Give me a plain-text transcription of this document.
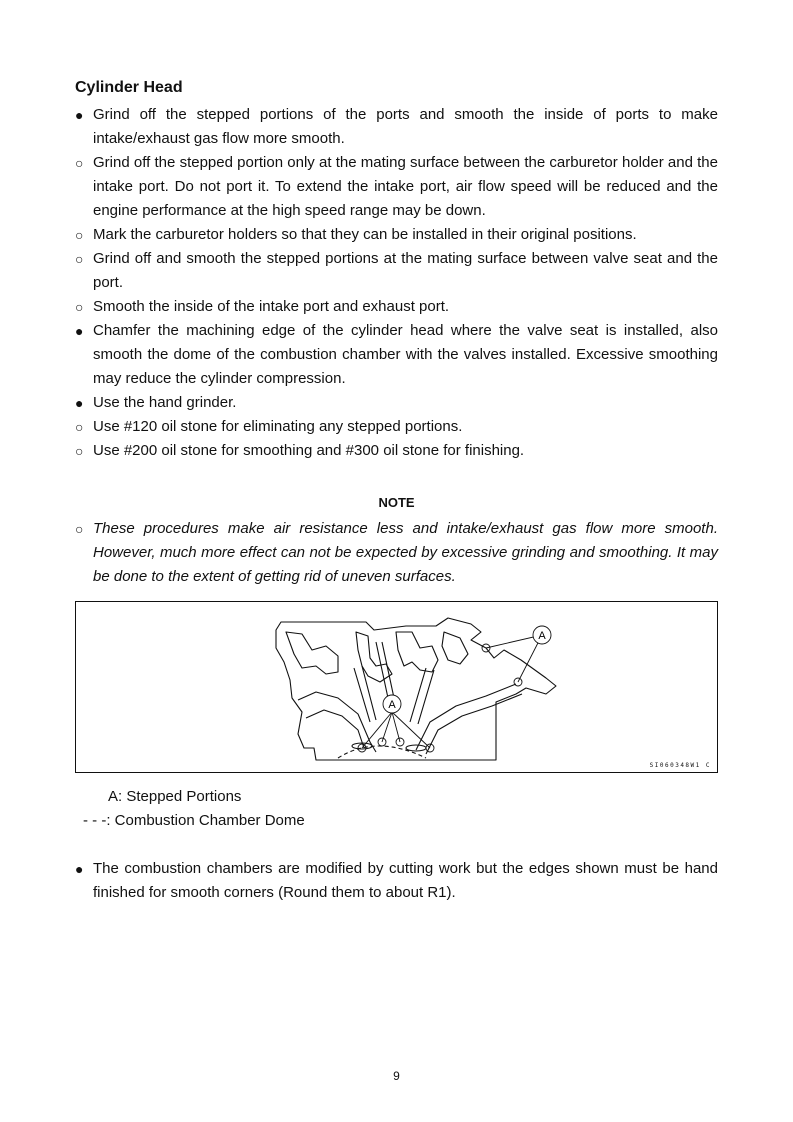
Cylinder Head
● Grind off the stepped portions of the ports and smooth the inside of ports to make intake/exhaust gas flow more smooth.
○ Grind off the stepped portion only at the mating surface between the carburetor holder and the intake port. Do not port it. To extend the intake port, air flow speed will be reduced and the engine performance at the high speed range may be down.
○ Mark the carburetor holders so that they can be installed in their original positions.
○ Grind off and smooth the stepped portions at the mating surface between valve seat and the port.
○ Smooth the inside of the intake port and exhaust port.
● Chamfer the machining edge of the cylinder head where the valve seat is installed, also smooth the dome of the combustion chamber with the valves installed. Excessive smoothing may reduce the cylinder compression.
● Use the hand grinder.
○ Use #120 oil stone for eliminating any stepped portions.
○ Use #200 oil stone for smoothing and #300 oil stone for finishing.
NOTE
○ These procedures make air resistance less and intake/exhaust gas flow more smooth. However, much more effect can not be expected by excessive grinding and smoothing. It may be done to the extent of getting rid of uneven surfaces.
A
A
SI060348W1 C
A: Stepped Portions
- - -: Combustion Chamber Dome
● The combustion chambers are modified by cutting work but the edges shown must be hand finished for smooth corners (Round them to about R1).
9
